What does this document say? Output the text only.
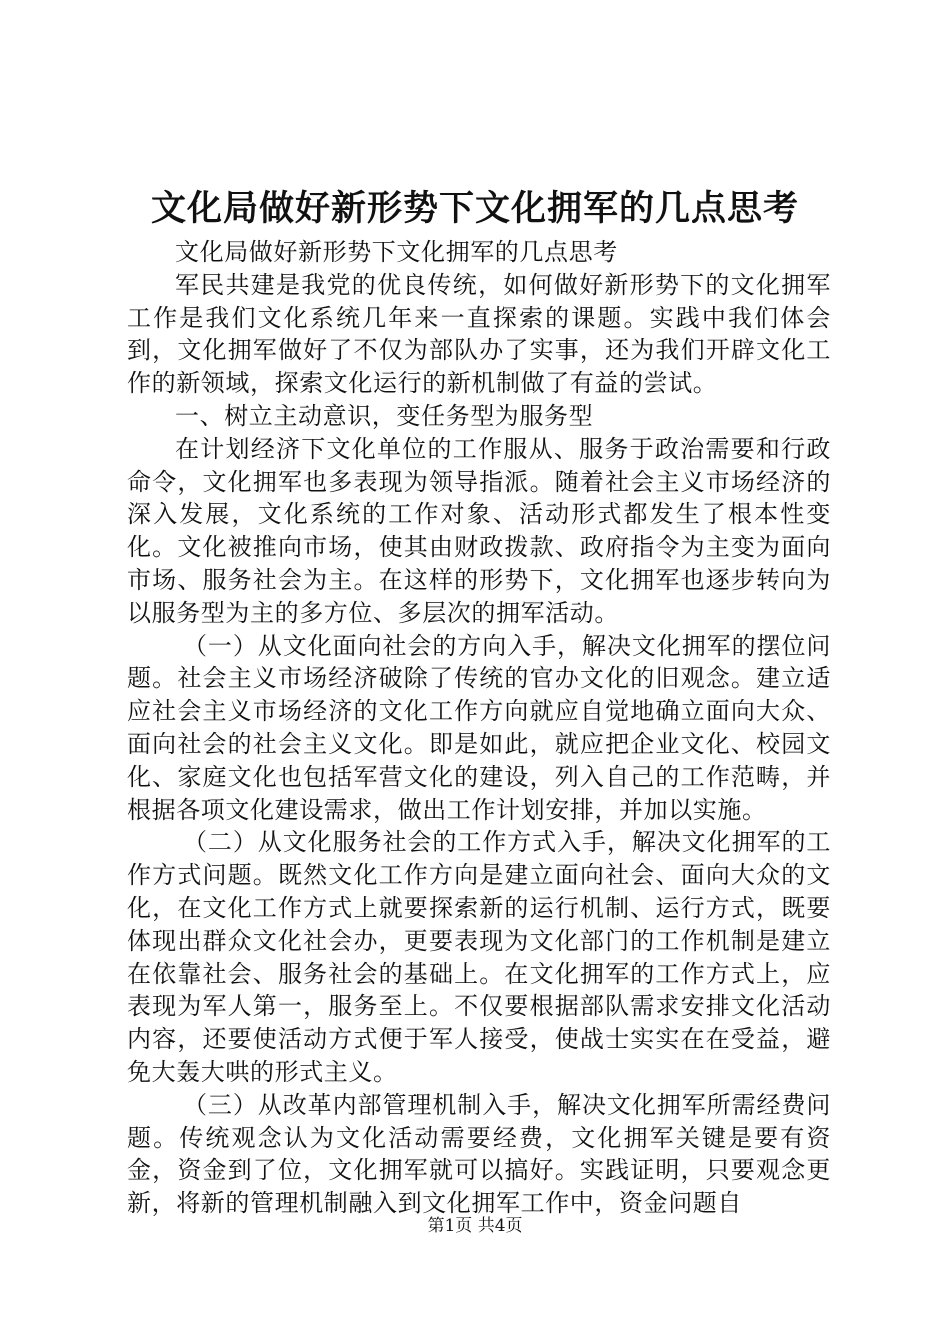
文化局做好新形势下文化拥军的几点思考

文化局做好新形势下文化拥军的几点思考

军民共建是我党的优良传统，如何做好新形势下的文化拥军工作是我们文化系统几年来一直探索的课题。实践中我们体会到，文化拥军做好了不仅为部队办了实事，还为我们开辟文化工作的新领域，探索文化运行的新机制做了有益的尝试。

一、树立主动意识，变任务型为服务型

在计划经济下文化单位的工作服从、服务于政治需要和行政命令，文化拥军也多表现为领导指派。随着社会主义市场经济的深入发展，文化系统的工作对象、活动形式都发生了根本性变化。文化被推向市场，使其由财政拨款、政府指令为主变为面向市场、服务社会为主。在这样的形势下，文化拥军也逐步转向为以服务型为主的多方位、多层次的拥军活动。

（一）从文化面向社会的方向入手，解决文化拥军的摆位问题。社会主义市场经济破除了传统的官办文化的旧观念。建立适应社会主义市场经济的文化工作方向就应自觉地确立面向大众、面向社会的社会主义文化。即是如此，就应把企业文化、校园文化、家庭文化也包括军营文化的建设，列入自己的工作范畴，并根据各项文化建设需求，做出工作计划安排，并加以实施。

（二）从文化服务社会的工作方式入手，解决文化拥军的工作方式问题。既然文化工作方向是建立面向社会、面向大众的文化，在文化工作方式上就要探索新的运行机制、运行方式，既要体现出群众文化社会办，更要表现为文化部门的工作机制是建立在依靠社会、服务社会的基础上。在文化拥军的工作方式上，应表现为军人第一，服务至上。不仅要根据部队需求安排文化活动内容，还要使活动方式便于军人接受，使战士实实在在受益，避免大轰大哄的形式主义。

（三）从改革内部管理机制入手，解决文化拥军所需经费问题。传统观念认为文化活动需要经费，文化拥军关键是要有资金，资金到了位，文化拥军就可以搞好。实践证明，只要观念更新，将新的管理机制融入到文化拥军工作中，资金问题自

第1页 共4页
